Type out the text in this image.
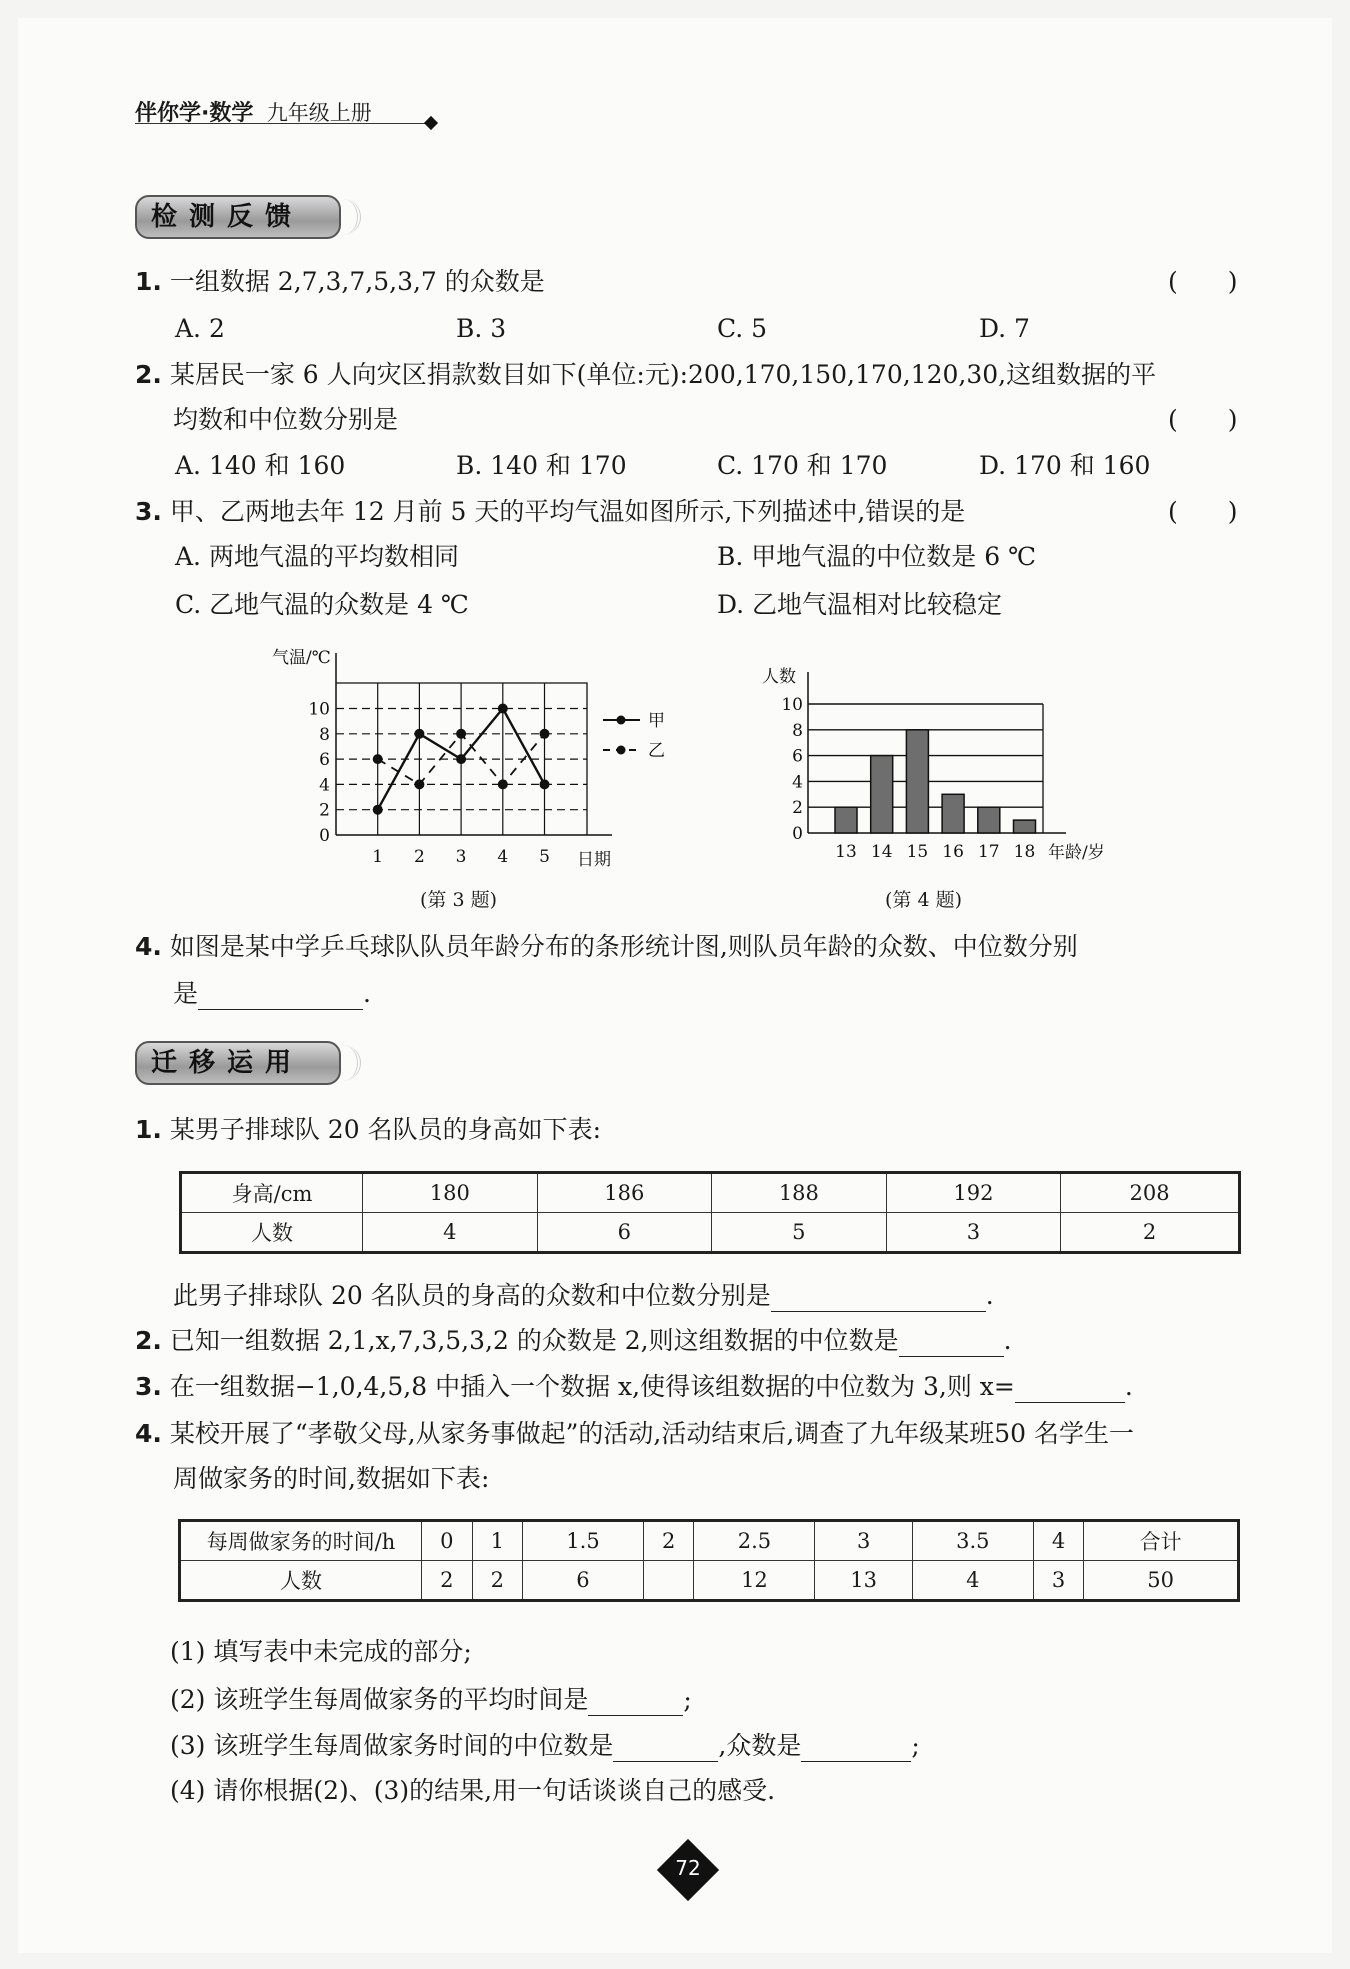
伴你学·数学 九年级上册
检测反馈
1. 一组数据 2,7,3,7,5,3,7 的众数是	(　　)
A. 2	B. 3	C. 5	D. 7
2. 某居民一家 6 人向灾区捐款数目如下(单位:元):200,170,150,170,120,30,这组数据的平
均数和中位数分别是	(　　)
A. 140 和 160	B. 140 和 170	C. 170 和 170	D. 170 和 160
3. 甲、乙两地去年 12 月前 5 天的平均气温如图所示,下列描述中,错误的是	(　　)
A. 两地气温的平均数相同	B. 甲地气温的中位数是 6 ℃
C. 乙地气温的众数是 4 ℃	D. 乙地气温相对比较稳定
0
2
4
6
8
10
1 2 3 4 5 日期
气温/℃
甲
乙
0
2
4
6
8
10
13 14 15 16 17 18 年龄/岁
人数
(第 3 题)	(第 4 题)
4. 如图是某中学乒乓球队队员年龄分布的条形统计图,则队员年龄的众数、中位数分别
是	.
迁移运用
1. 某男子排球队 20 名队员的身高如下表:
身高/cm	180	186	188	192	208
人数	4	6	5	3	2
此男子排球队 20 名队员的身高的众数和中位数分别是	.
2. 已知一组数据 2,1,x,7,3,5,3,2 的众数是 2,则这组数据的中位数是	.
3. 在一组数据−1,0,4,5,8 中插入一个数据 x,使得该组数据的中位数为 3,则 x=	.
4. 某校开展了“孝敬父母,从家务事做起”的活动,活动结束后,调查了九年级某班50 名学生一
周做家务的时间,数据如下表:
每周做家务的时间/h	0	1	1.5	2	2.5	3	3.5	4	合计
人数	2	2	6		12	13	4	3	50
(1) 填写表中未完成的部分;
(2) 该班学生每周做家务的平均时间是	;
(3) 该班学生每周做家务时间的中位数是	,众数是	;
(4) 请你根据(2)、(3)的结果,用一句话谈谈自己的感受.
72
